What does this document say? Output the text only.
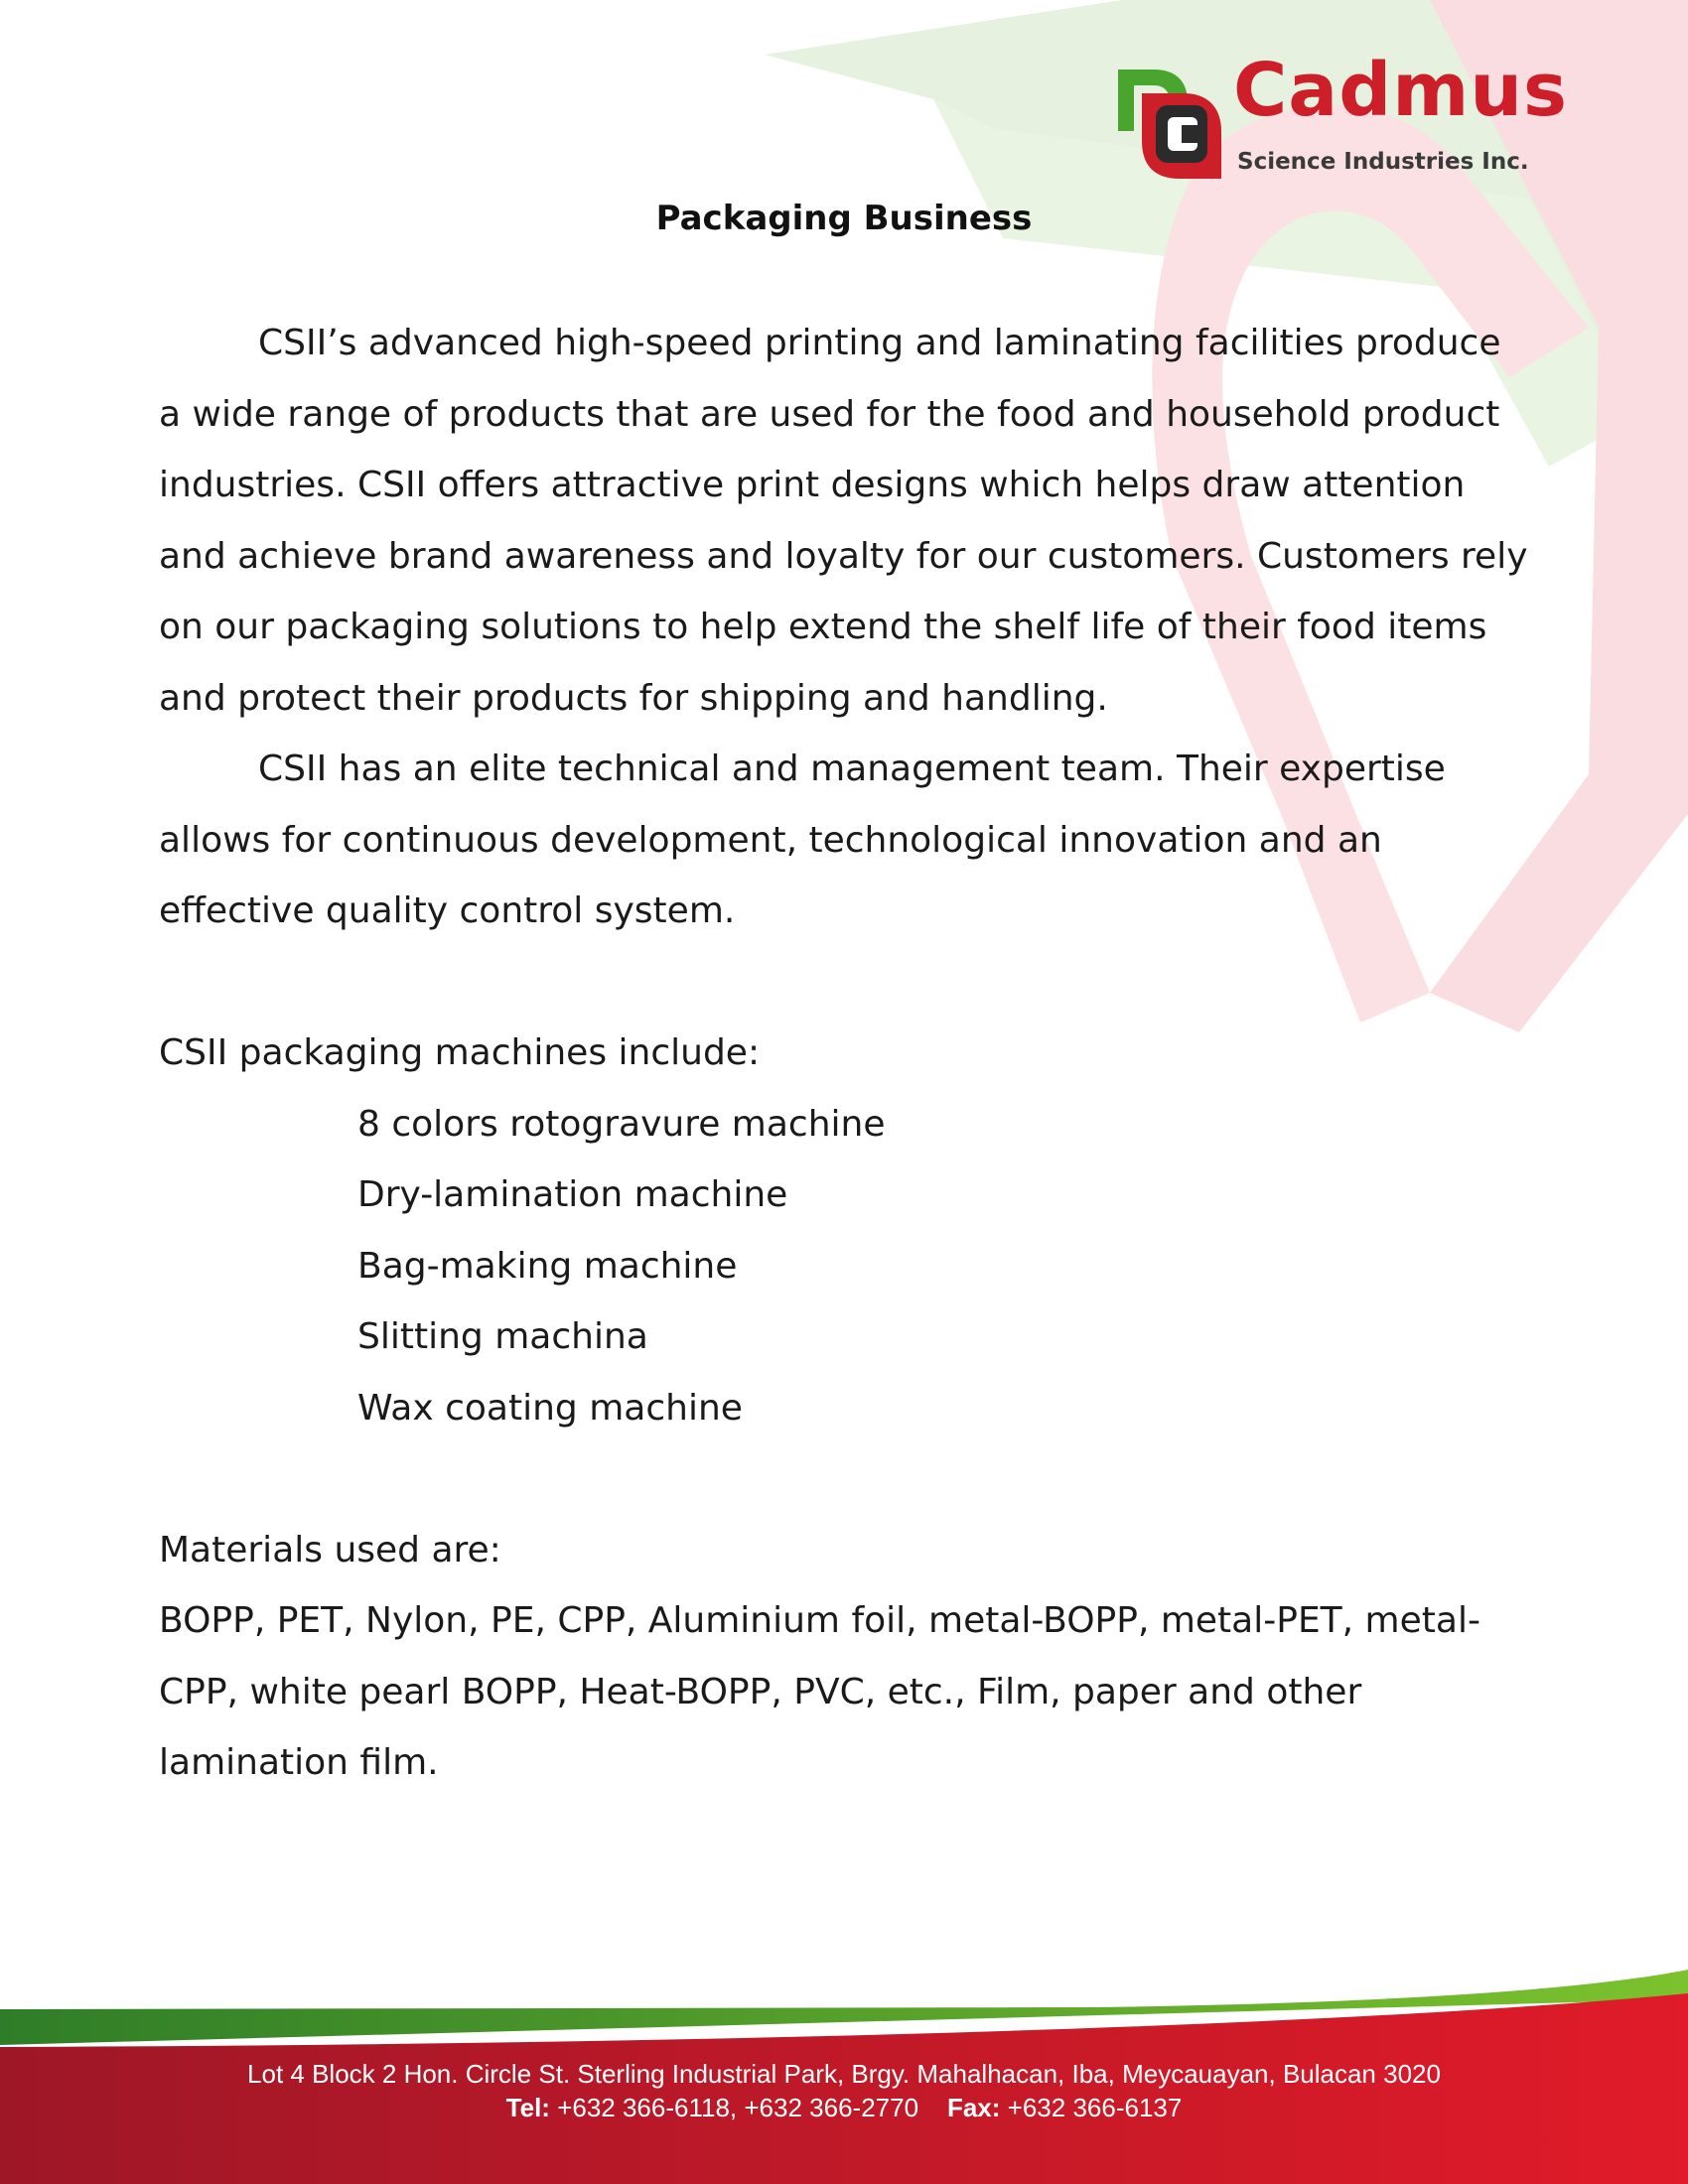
Cadmus
Science Industries Inc.
Packaging Business

CSII’s advanced high-speed printing and laminating facilities produce a wide range of products that are used for the food and household product industries. CSII offers attractive print designs which helps draw attention and achieve brand awareness and loyalty for our customers. Customers rely on our packaging solutions to help extend the shelf life of their food items and protect their products for shipping and handling.

CSII has an elite technical and management team. Their expertise allows for continuous development, technological innovation and an effective quality control system.

CSII packaging machines include:

8 colors rotogravure machine
Dry-lamination machine
Bag-making machine
Slitting machina
Wax coating machine

Materials used are:

BOPP, PET, Nylon, PE, CPP, Aluminium foil, metal-BOPP, metal-PET, metal-CPP, white pearl BOPP, Heat-BOPP, PVC, etc., Film, paper and other lamination film.

Lot 4 Block 2 Hon. Circle St. Sterling Industrial Park, Brgy. Mahalhacan, Iba, Meycauayan, Bulacan 3020
Tel: +632 366-6118, +632 366-2770 Fax: +632 366-6137
